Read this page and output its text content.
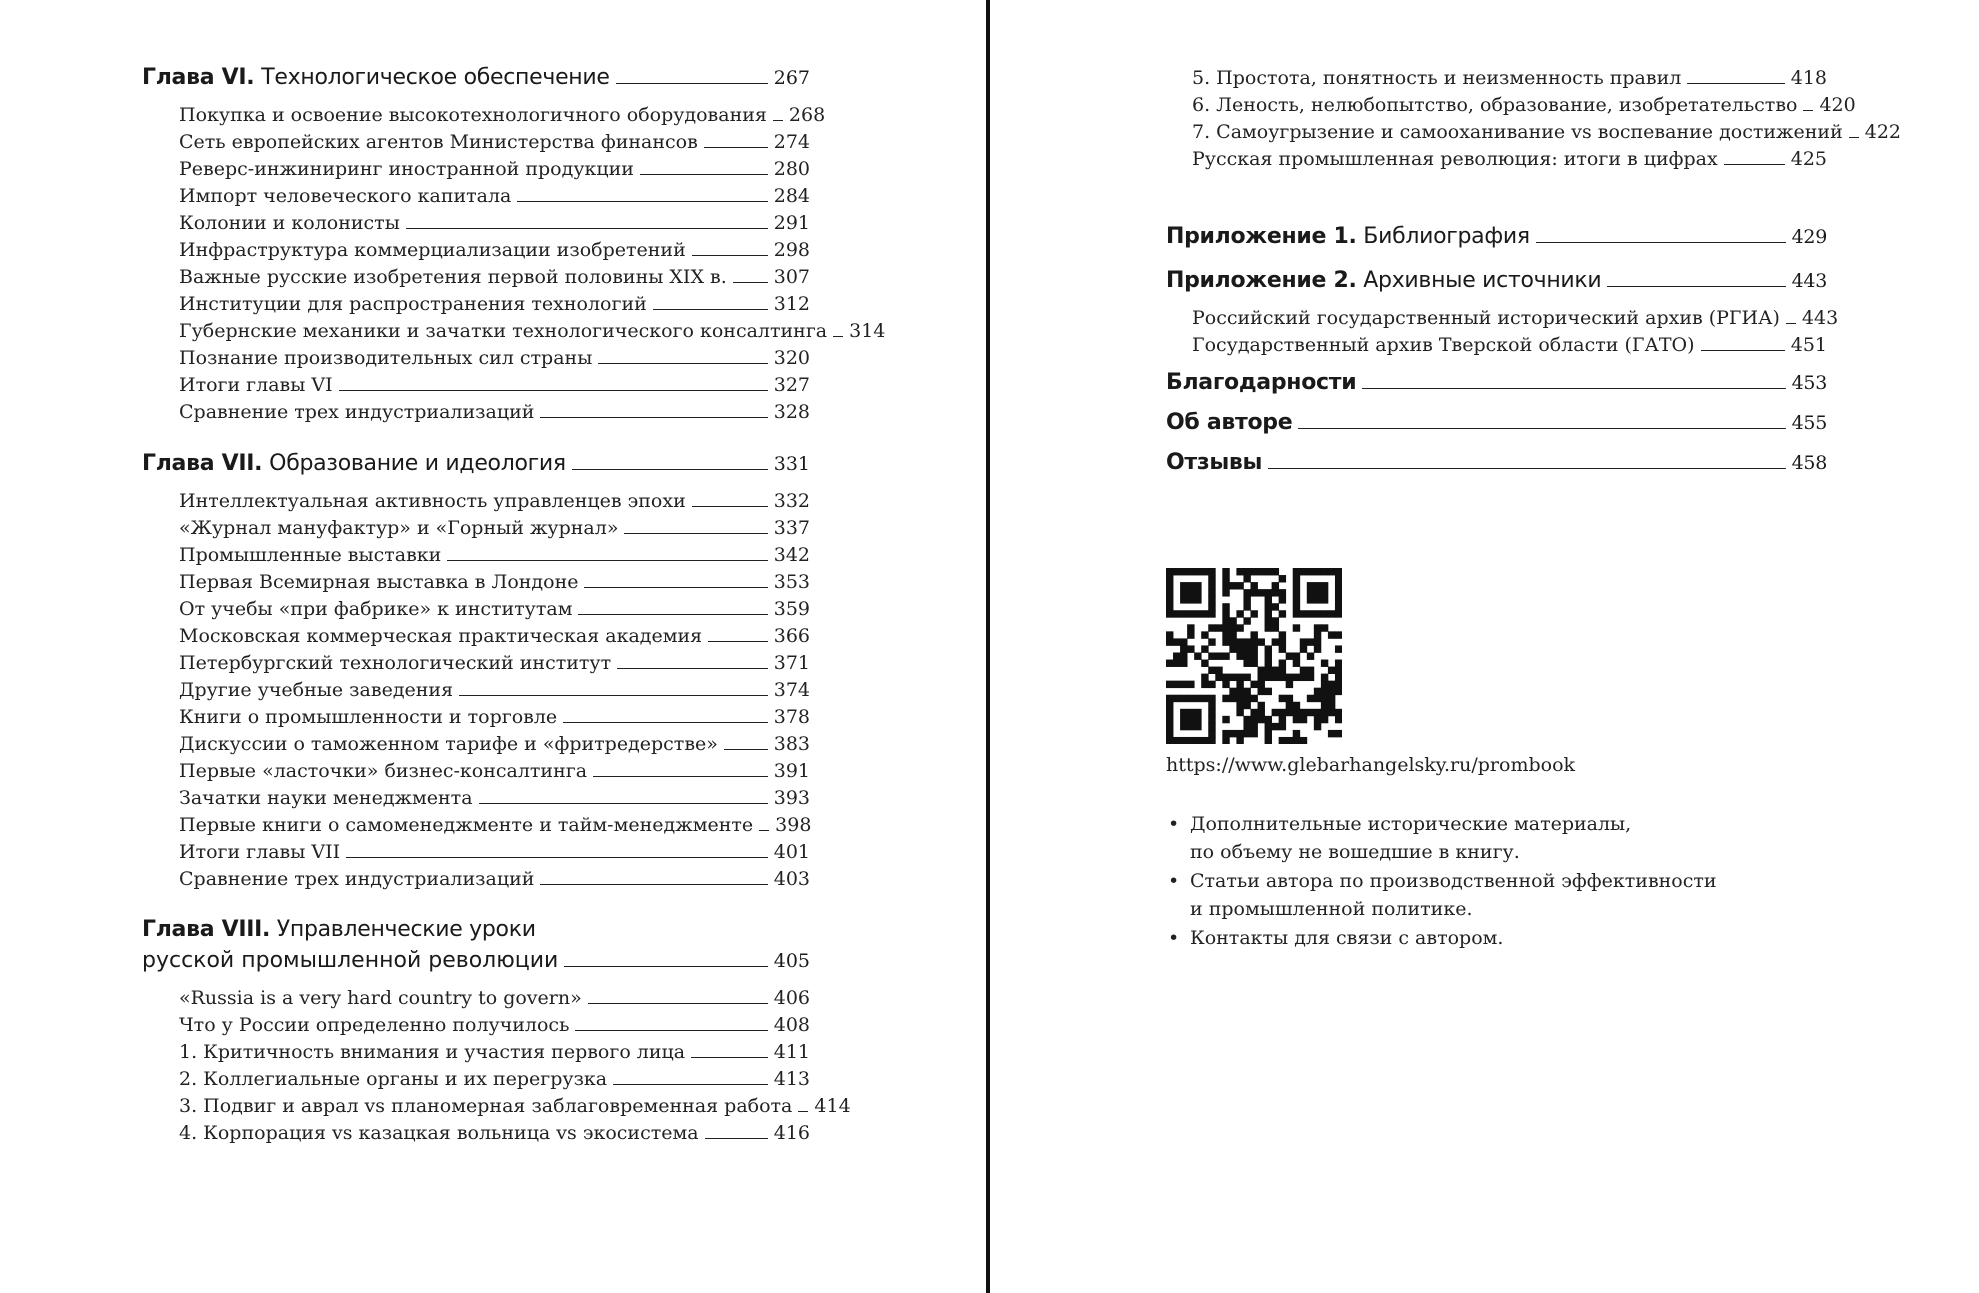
Глава VI. Технологическое обеспечение	267
Покупка и освоение высокотехнологичного оборудования 268
Сеть европейских агентов Министерства финансов	274
Реверс-инжиниринг иностранной продукции	280
Импорт человеческого капитала	284
Колонии и колонисты	291
Инфраструктура коммерциализации изобретений	298
Важные русские изобретения первой половины XIX в. 307
Институции для распространения технологий	312
Губернские механики и зачатки технологического консалтинга 314
Познание производительных сил страны	320
Итоги главы VI	327
Сравнение трех индустриализаций	328
Глава VII. Образование и идеология	331
Интеллектуальная активность управленцев эпохи	332
«Журнал мануфактур» и «Горный журнал»	337
Промышленные выставки	342
Первая Всемирная выставка в Лондоне	353
От учебы «при фабрике» к институтам	359
Московская коммерческая практическая академия	366
Петербургский технологический институт	371
Другие учебные заведения	374
Книги о промышленности и торговле	378
Дискуссии о таможенном тарифе и «фритредерстве»	383
Первые «ласточки» бизнес-консалтинга	391
Зачатки науки менеджмента	393
Первые книги о самоменеджменте и тайм-менеджменте 398
Итоги главы VII	401
Сравнение трех индустриализаций	403
Глава VIII. Управленческие уроки
русской промышленной революции	405
«Russia is a very hard country to govern»	406
Что у России определенно получилось	408
1. Критичность внимания и участия первого лица	411
2. Коллегиальные органы и их перегрузка	413
3. Подвиг и аврал vs планомерная заблаговременная работа 414
4. Корпорация vs казацкая вольница vs экосистема	416
5. Простота, понятность и неизменность правил	418
6. Леность, нелюбопытство, образование, изобретательство 420
7. Самоугрызение и самооханивание vs воспевание достижений 422
Русская промышленная революция: итоги в цифрах	425
Приложение 1. Библиография	429
Приложение 2. Архивные источники	443
Российский государственный исторический архив (РГИА) 443
Государственный архив Тверской области (ГАТО)	451
Благодарности	453
Об авторе	455
Отзывы	458
https://www.glebarhangelsky.ru/prombook
• Дополнительные исторические материалы,
по объему не вошедшие в книгу.
• Статьи автора по производственной эффективности
и промышленной политике.
• Контакты для связи с автором.
